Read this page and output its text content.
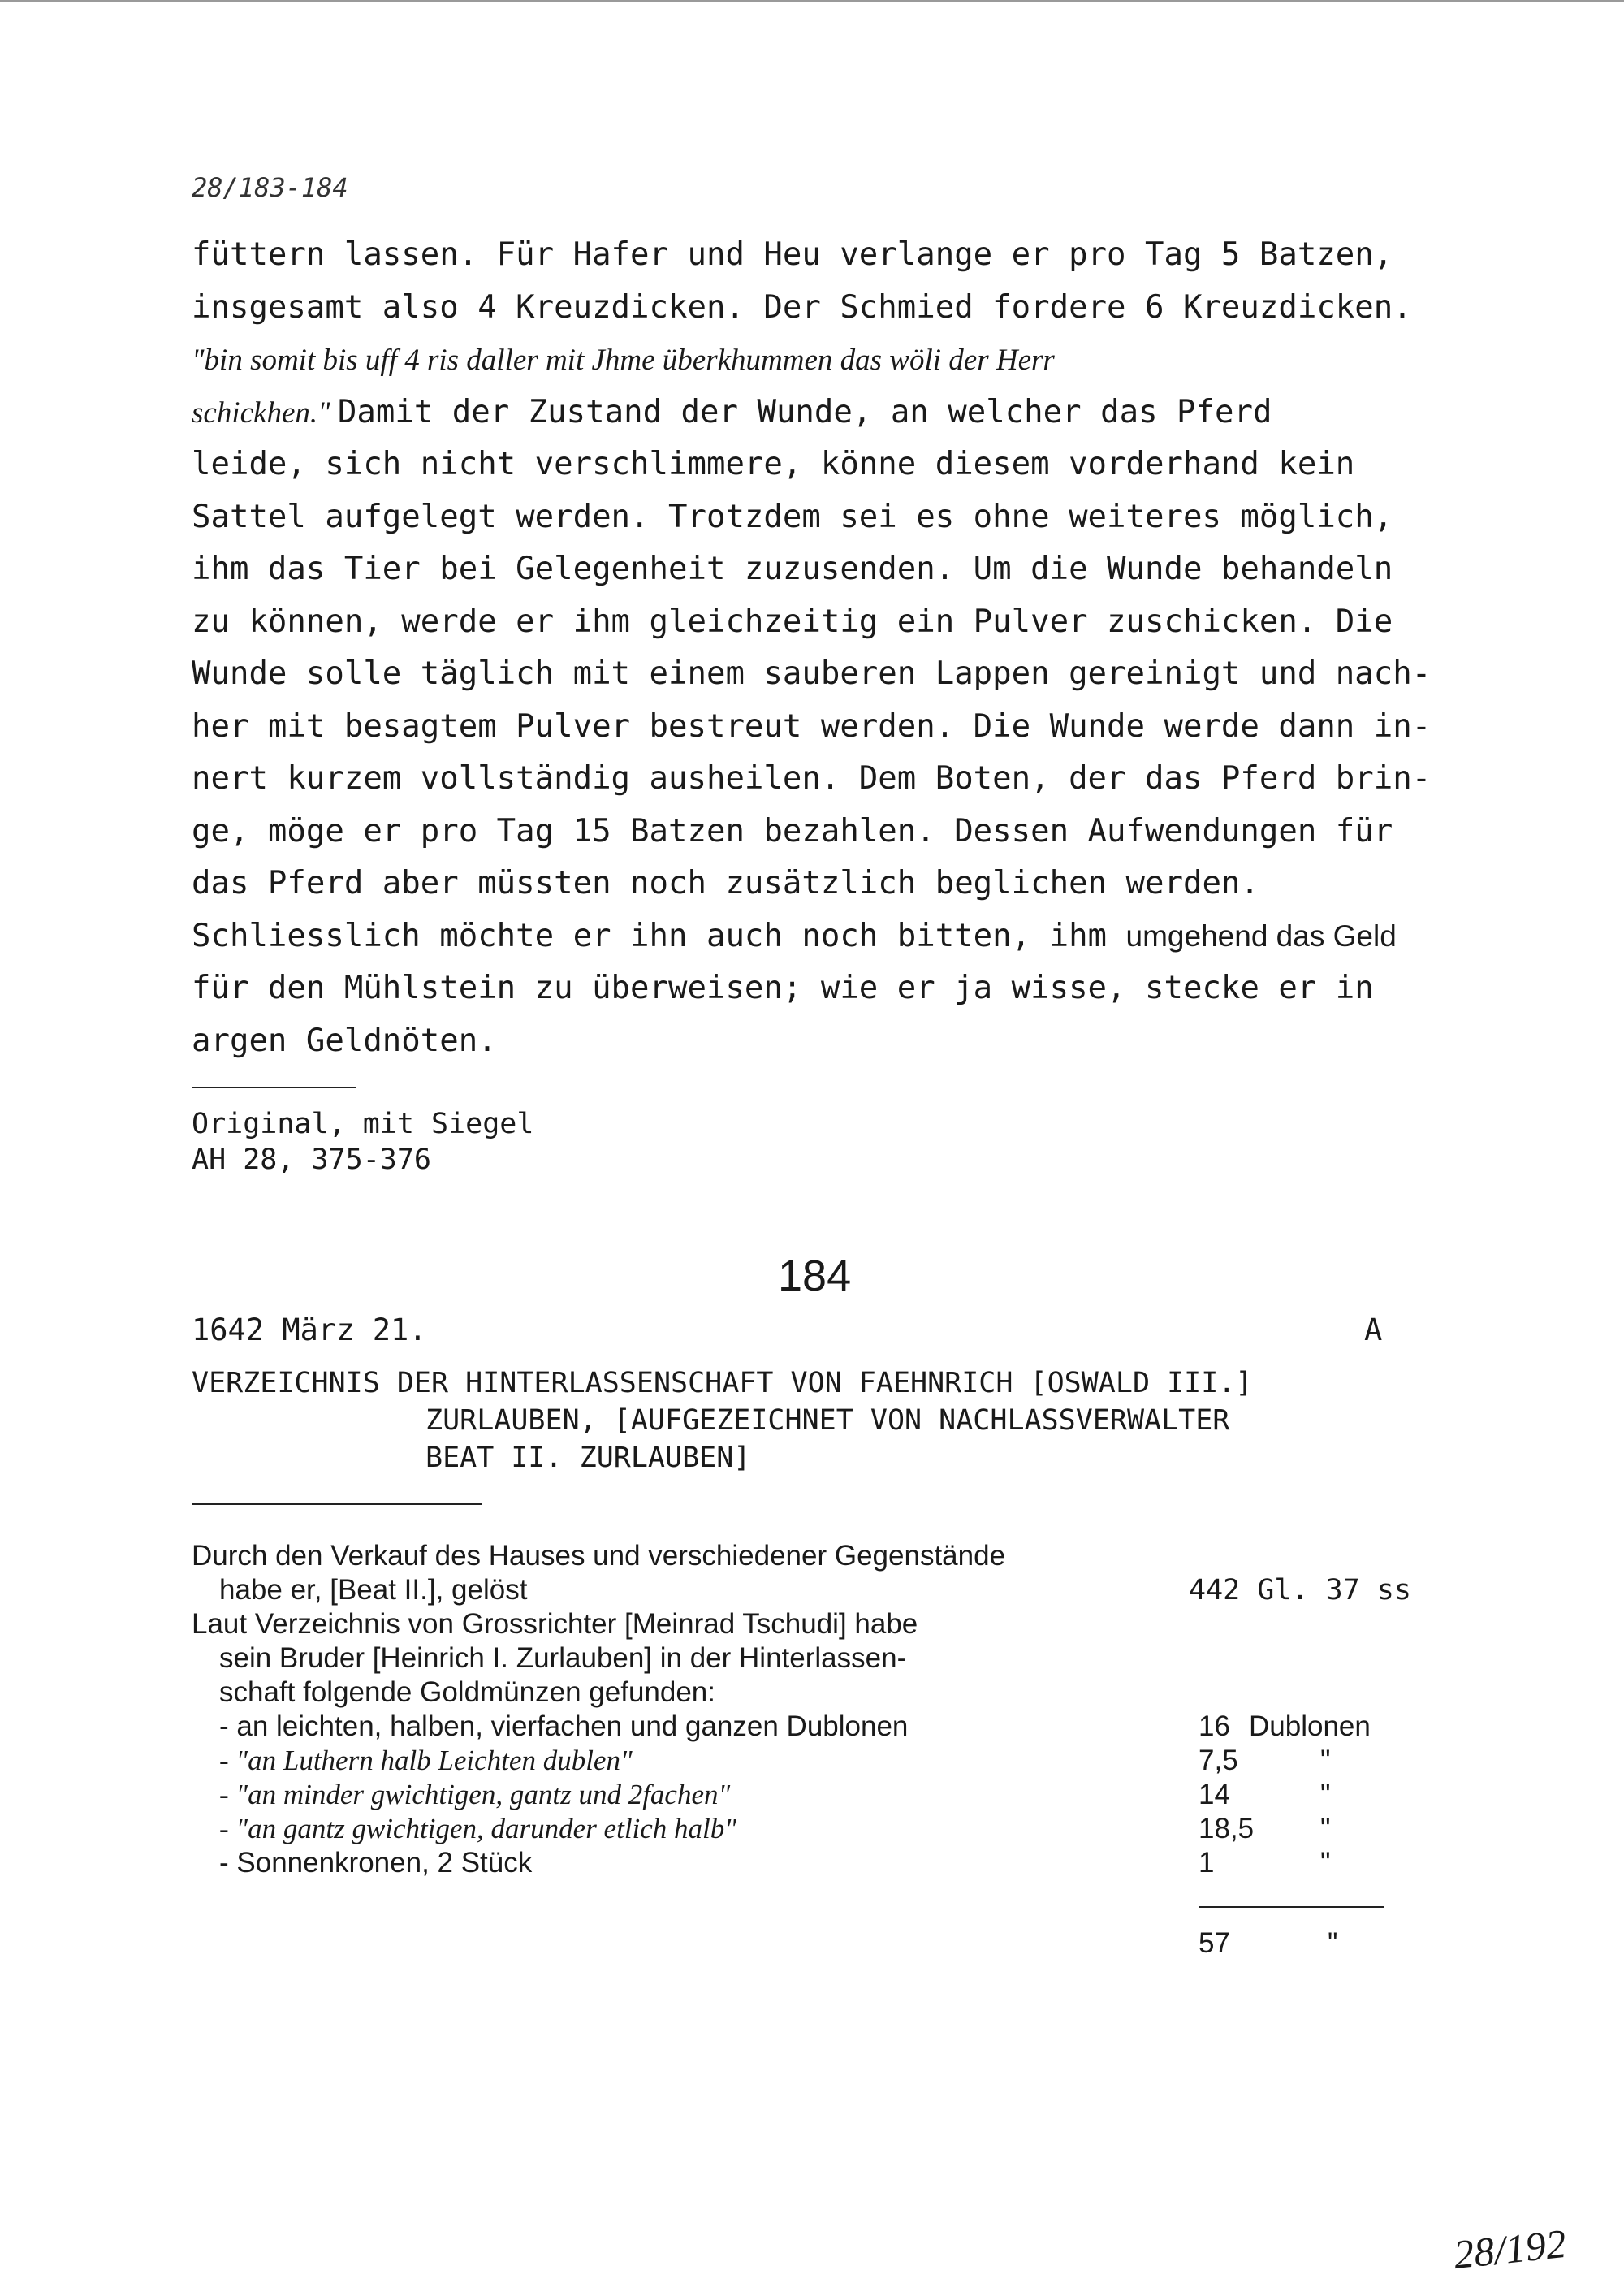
28/183-184
füttern lassen. Für Hafer und Heu verlange er pro Tag 5 Batzen,
insgesamt also 4 Kreuzdicken. Der Schmied fordere 6 Kreuzdicken.
"bin somit bis uff 4 ris daller mit Jhme überkhummen das wöli der Herr
schickhen." Damit der Zustand der Wunde, an welcher das Pferd
leide, sich nicht verschlimmere, könne diesem vorderhand kein
Sattel aufgelegt werden. Trotzdem sei es ohne weiteres möglich,
ihm das Tier bei Gelegenheit zuzusenden. Um die Wunde behandeln
zu können, werde er ihm gleichzeitig ein Pulver zuschicken. Die
Wunde solle täglich mit einem sauberen Lappen gereinigt und nach-
her mit besagtem Pulver bestreut werden. Die Wunde werde dann in-
nert kurzem vollständig ausheilen. Dem Boten, der das Pferd brin-
ge, möge er pro Tag 15 Batzen bezahlen. Dessen Aufwendungen für
das Pferd aber müssten noch zusätzlich beglichen werden.
Schliesslich möchte er ihn auch noch bitten, ihm umgehend das Geld
für den Mühlstein zu überweisen; wie er ja wisse, stecke er in
argen Geldnöten.
Original, mit Siegel
AH 28, 375-376
184
1642 März 21.	A
VERZEICHNIS DER HINTERLASSENSCHAFT VON FAEHNRICH [OSWALD III.]
ZURLAUBEN, [AUFGEZEICHNET VON NACHLASSVERWALTER
BEAT II. ZURLAUBEN]
Durch den Verkauf des Hauses und verschiedener Gegenstände
habe er, [Beat II.], gelöst	442 Gl. 37 ss
Laut Verzeichnis von Grossrichter [Meinrad Tschudi] habe
sein Bruder [Heinrich I. Zurlauben] in der Hinterlassen-
schaft folgende Goldmünzen gefunden:
- an leichten, halben, vierfachen und ganzen Dublonen	16 Dublonen
- "an Luthern halb Leichten dublen"	7,5	"
- "an minder gwichtigen, gantz und 2fachen"	14	"
- "an gantz gwichtigen, darunder etlich halb"	18,5 "
- Sonnenkronen, 2 Stück	1	"
57	"
28/192
